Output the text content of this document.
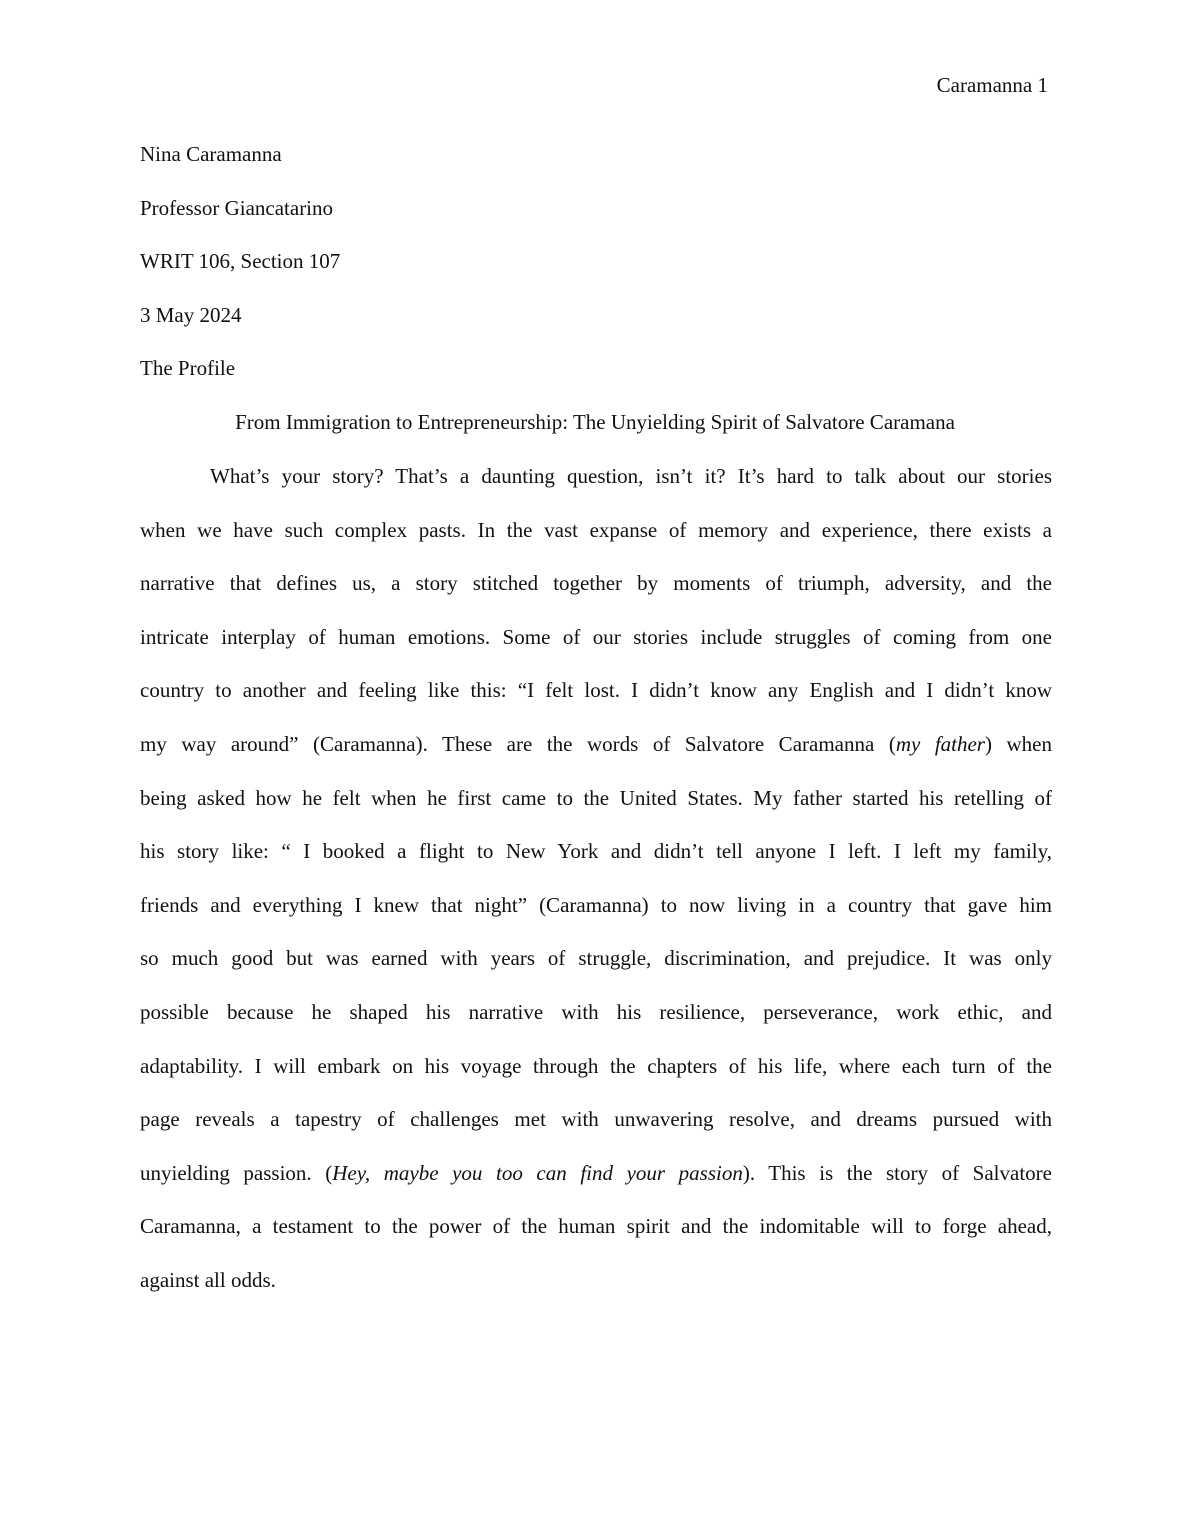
Caramanna 1
Nina Caramanna
Professor Giancatarino
WRIT 106, Section 107
3 May 2024
The Profile
From Immigration to Entrepreneurship: The Unyielding Spirit of Salvatore Caramana
What’s your story? That’s a daunting question, isn’t it? It’s hard to talk about our stories
when we have such complex pasts. In the vast expanse of memory and experience, there exists a
narrative that defines us, a story stitched together by moments of triumph, adversity, and the
intricate interplay of human emotions. Some of our stories include struggles of coming from one
country to another and feeling like this: “I felt lost. I didn’t know any English and I didn’t know
my way around” (Caramanna). These are the words of Salvatore Caramanna (my father) when
being asked how he felt when he first came to the United States. My father started his retelling of
his story like: “ I booked a flight to New York and didn’t tell anyone I left. I left my family,
friends and everything I knew that night” (Caramanna) to now living in a country that gave him
so much good but was earned with years of struggle, discrimination, and prejudice. It was only
possible because he shaped his narrative with his resilience, perseverance, work ethic, and
adaptability. I will embark on his voyage through the chapters of his life, where each turn of the
page reveals a tapestry of challenges met with unwavering resolve, and dreams pursued with
unyielding passion. (Hey, maybe you too can find your passion). This is the story of Salvatore
Caramanna, a testament to the power of the human spirit and the indomitable will to forge ahead,
against all odds.
